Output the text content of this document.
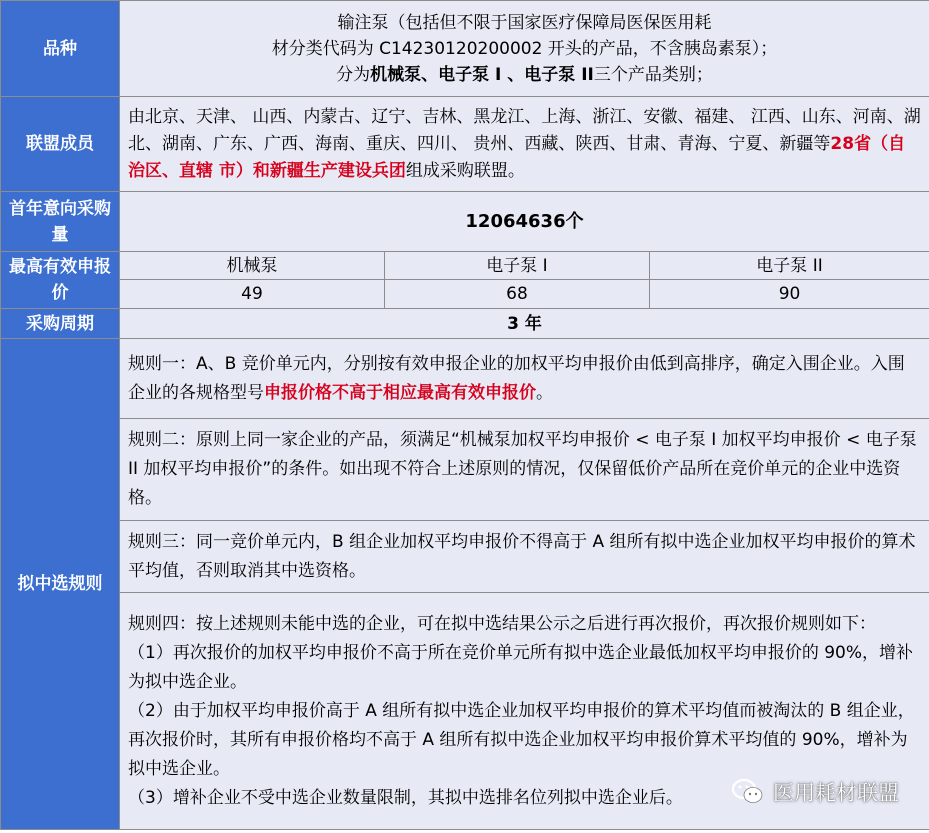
品种	输注泵（包括但不限于国家医疗保障局医保医用耗
材分类代码为 C14230120200002 开头的产品，不含胰岛素泵）；
分为机械泵、电子泵 I 、电子泵 II三个产品类别；		

联盟成员	由北京、天津、 山西、内蒙古、辽宁、吉林、黑龙江、上海、浙江、安徽、福建、 江西、山东、河南、湖北、湖南、广东、广西、海南、重庆、四川、 贵州、西藏、陕西、甘肃、青海、宁夏、新疆等28省（自治区、直辖 市）和新疆生产建设兵团组成采购联盟。		
首年意向采购量	12064636个		
最高有效申报价	机械泵	电子泵 I	电子泵 II
	49	68	90
采购周期	3 年		
拟中选规则	规则一：A、B 竞价单元内，分别按有效申报企业的加权平均申报价由低到高排序，确定入围企业。入围企业的各规格型号申报价格不高于相应最高有效申报价。		
	规则二：原则上同一家企业的产品，须满足“机械泵加权平均申报价 < 电子泵 I 加权平均申报价 < 电子泵 II 加权平均申报价”的条件。如出现不符合上述原则的情况，仅保留低价产品所在竞价单元的企业中选资格。		
	规则三：同一竞价单元内，B 组企业加权平均申报价不得高于 A 组所有拟中选企业加权平均申报价的算术平均值，否则取消其中选资格。		

	规则四：按上述规则未能中选的企业，可在拟中选结果公示之后进行再次报价，再次报价规则如下：

（1）再次报价的加权平均申报价不高于所在竞价单元所有拟中选企业最低加权平均申报价的 90%，增补为拟中选企业。

（2）由于加权平均申报价高于 A 组所有拟中选企业加权平均申报价的算术平均值而被淘汰的 B 组企业，再次报价时，其所有申报价格均不高于 A 组所有拟中选企业加权平均申报价算术平均值的 90%，增补为拟中选企业。

（3）增补企业不受中选企业数量限制，其拟中选排名位列拟中选企业后。			医用耗材联盟
